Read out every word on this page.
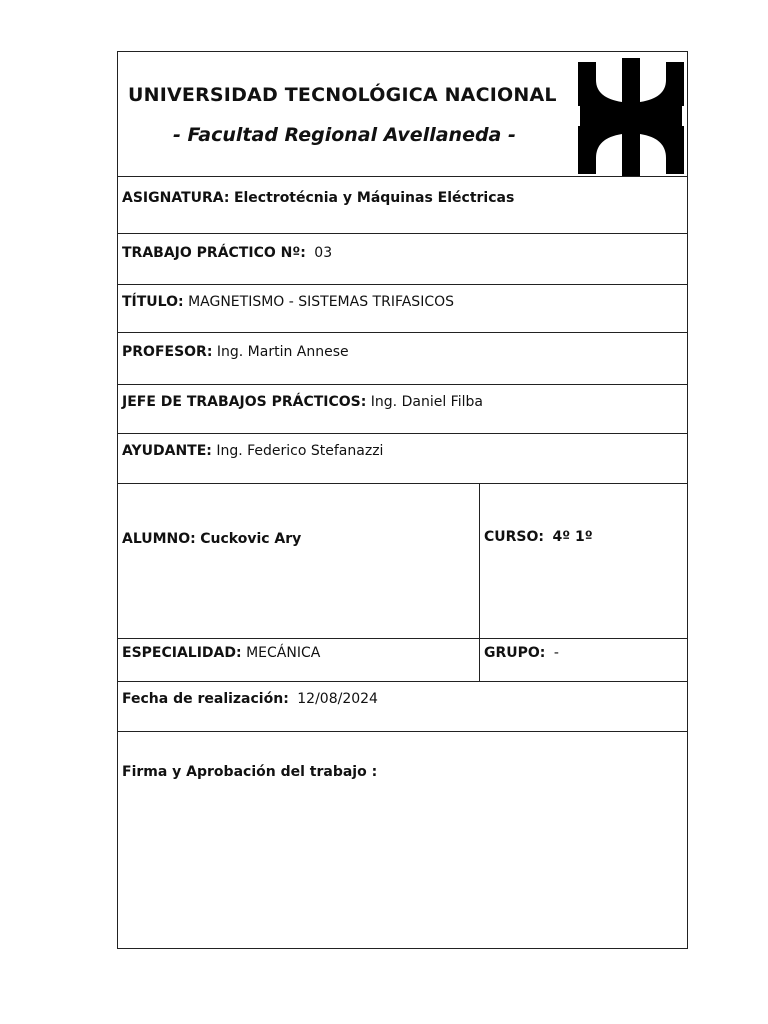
UNIVERSIDAD TECNOLÓGICA NACIONAL
- Facultad Regional Avellaneda -
ASIGNATURA: Electrotécnia y Máquinas Eléctricas
TRABAJO PRÁCTICO Nº: 03
TÍTULO: MAGNETISMO - SISTEMAS TRIFASICOS
PROFESOR: Ing. Martin Annese
JEFE DE TRABAJOS PRÁCTICOS: Ing. Daniel Filba
AYUDANTE: Ing. Federico Stefanazzi
ALUMNO: Cuckovic Ary	CURSO: 4º 1º
ESPECIALIDAD: MECÁNICA	GRUPO: -
Fecha de realización: 12/08/2024
Firma y Aprobación del trabajo :
